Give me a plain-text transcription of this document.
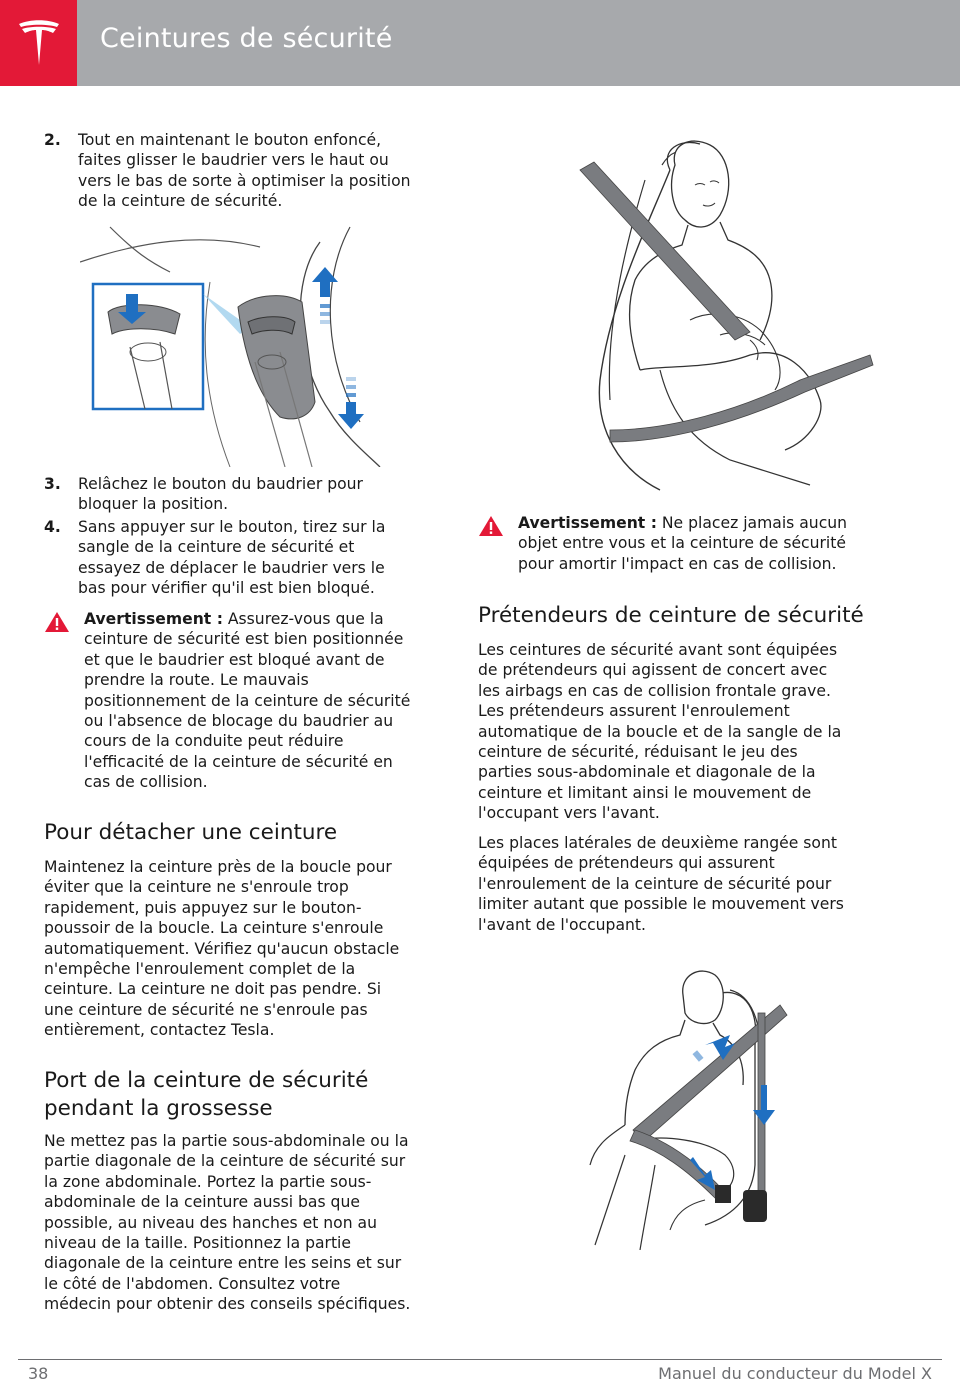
Ceintures de sécurité
2. Tout en maintenant le bouton enfoncé,
faites glisser le baudrier vers le haut ou
vers le bas de sorte à optimiser la position
de la ceinture de sécurité.
3. Relâchez le bouton du baudrier pour
bloquer la position.
4. Sans appuyer sur le bouton, tirez sur la
sangle de la ceinture de sécurité et
essayez de déplacer le baudrier vers le
bas pour vérifier qu'il est bien bloqué.
Avertissement : Assurez-vous que la
ceinture de sécurité est bien positionnée
et que le baudrier est bloqué avant de
prendre la route. Le mauvais
positionnement de la ceinture de sécurité
ou l'absence de blocage du baudrier au
cours de la conduite peut réduire
l'efficacité de la ceinture de sécurité en
cas de collision.
Pour détacher une ceinture
Maintenez la ceinture près de la boucle pour
éviter que la ceinture ne s'enroule trop
rapidement, puis appuyez sur le bouton-
poussoir de la boucle. La ceinture s'enroule
automatiquement. Vérifiez qu'aucun obstacle
n'empêche l'enroulement complet de la
ceinture. La ceinture ne doit pas pendre. Si
une ceinture de sécurité ne s'enroule pas
entièrement, contactez Tesla.
Port de la ceinture de sécurité
pendant la grossesse
Ne mettez pas la partie sous-abdominale ou la
partie diagonale de la ceinture de sécurité sur
la zone abdominale. Portez la partie sous-
abdominale de la ceinture aussi bas que
possible, au niveau des hanches et non au
niveau de la taille. Positionnez la partie
diagonale de la ceinture entre les seins et sur
le côté de l'abdomen. Consultez votre
médecin pour obtenir des conseils spécifiques.
Avertissement : Ne placez jamais aucun
objet entre vous et la ceinture de sécurité
pour amortir l'impact en cas de collision.
Prétendeurs de ceinture de sécurité
Les ceintures de sécurité avant sont équipées
de prétendeurs qui agissent de concert avec
les airbags en cas de collision frontale grave.
Les prétendeurs assurent l'enroulement
automatique de la boucle et de la sangle de la
ceinture de sécurité, réduisant le jeu des
parties sous-abdominale et diagonale de la
ceinture et limitant ainsi le mouvement de
l'occupant vers l'avant.
Les places latérales de deuxième rangée sont
équipées de prétendeurs qui assurent
l'enroulement de la ceinture de sécurité pour
limiter autant que possible le mouvement vers
l'avant de l'occupant.
38	Manuel du conducteur du Model X
